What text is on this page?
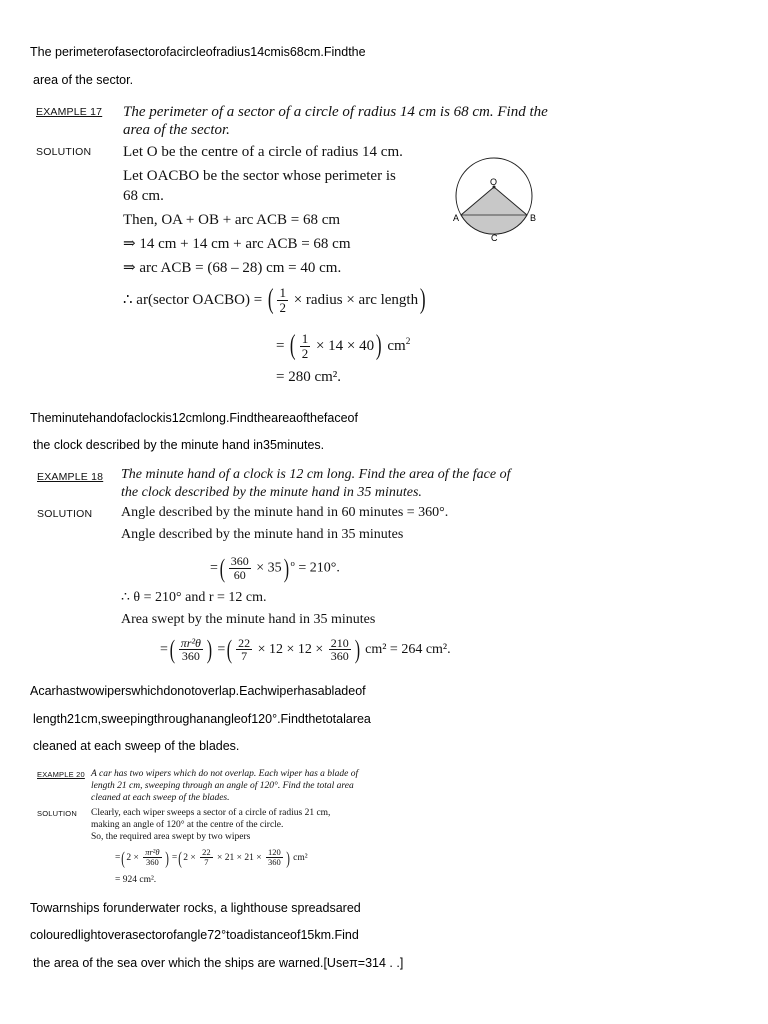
The perimeterofasectorofacircleofradius14cmis68cm.Findthe
area of the sector.
EXAMPLE 17 The perimeter of a sector of a circle of radius 14 cm is 68 cm. Find the
area of the sector.
SOLUTION Let O be the centre of a circle of radius 14 cm.
Let OACBO be the sector whose perimeter is
68 cm.
Then, OA + OB + arc ACB = 68 cm
⇒ 14 cm + 14 cm + arc ACB = 68 cm
⇒ arc ACB = (68 – 28) cm = 40 cm.
∴ ar(sector OACBO) = ( $\frac{1}{2}$ × radius × arc length)
= ( $\frac{1}{2} \times 14 \times 40$) $cm^2$
= 280 cm².
O
A	B
C
Theminutehandofaclockis12cmlong.Findtheareaofthefaceof
the clock described by the minute hand in35minutes.
EXAMPLE 18 The minute hand of a clock is 12 cm long. Find the area of the face of
the clock described by the minute hand in 35 minutes.
SOLUTION Angle described by the minute hand in 60 minutes = 360°.
Angle described by the minute hand in 35 minutes
=( $\frac{360}{60} \times 35$) $^o$ = 210°.
∴ θ = 210° and r = 12 cm.
Area swept by the minute hand in 35 minutes
=( $\frac{\text{πr²θ}}{360}$ ) =( $\frac{22}{7} \times 12 \times 12 \times \frac{210}{360}$ ) cm² = 264 cm².
Acarhastwowiperswhichdonotoverlap.Eachwiperhasabladeof
length21cm,sweepingthroughanangleof120°.Findthetotalarea
cleaned at each sweep of the blades.
EXAMPLE 20 A car has two wipers which do not overlap. Each wiper has a blade of
length 21 cm, sweeping through an angle of 120°. Find the total area
cleaned at each sweep of the blades.
SOLUTION Clearly, each wiper sweeps a sector of a circle of radius 21 cm,
making an angle of 120° at the centre of the circle.
So, the required area swept by two wipers
$=(2 \times \frac{\text{πr²θ}}{360}$ ) $=(2 \times \frac{22}{7} \times 21 \times 21 \times \frac{120}{360}$ ) cm²
= 924 cm².
Towarnships forunderwater rocks, a lighthouse spreadsared
colouredlightoverasectorofangle72°toadistanceof15km.Find
the area of the sea over which the ships are warned.[Useπ=314 . .]
